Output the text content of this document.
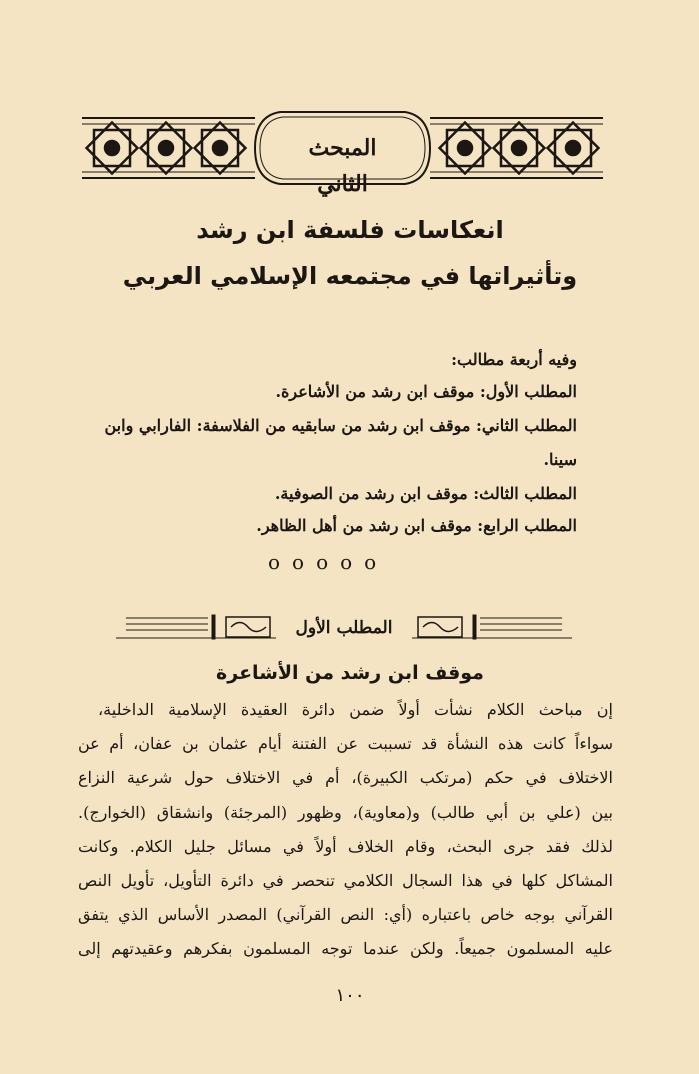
المبحث الثاني
انعكاسات فلسفة ابن رشد
وتأثيراتها في مجتمعه الإسلامي العربي
وفيه أربعة مطالب:
المطلب الأول: موقف ابن رشد من الأشاعرة.
المطلب الثاني: موقف ابن رشد من سابقيه من الفلاسفة: الفارابي وابن
سينا.
المطلب الثالث: موقف ابن رشد من الصوفية.
المطلب الرابع: موقف ابن رشد من أهل الظاهر.
ooooo
المطلب الأول
موقف ابن رشد من الأشاعرة
إن مباحث الكلام نشأت أولاً ضمن دائرة العقيدة الإسلامية الداخلية،
سواءاً كانت هذه النشأة قد تسببت عن الفتنة أيام عثمان بن عفان، أم عن
الاختلاف في حكم (مرتكب الكبيرة)، أم في الاختلاف حول شرعية النزاع
بين (علي بن أبي طالب) و(معاوية)، وظهور (المرجئة) وانشقاق (الخوارج).
لذلك فقد جرى البحث، وقام الخلاف أولاً في مسائل جليل الكلام. وكانت
المشاكل كلها في هذا السجال الكلامي تنحصر في دائرة التأويل، تأويل النص
القرآني بوجه خاص باعتباره (أي: النص القرآني) المصدر الأساس الذي يتفق
عليه المسلمون جميعاً. ولكن عندما توجه المسلمون بفكرهم وعقيدتهم إلى
١٠٠
